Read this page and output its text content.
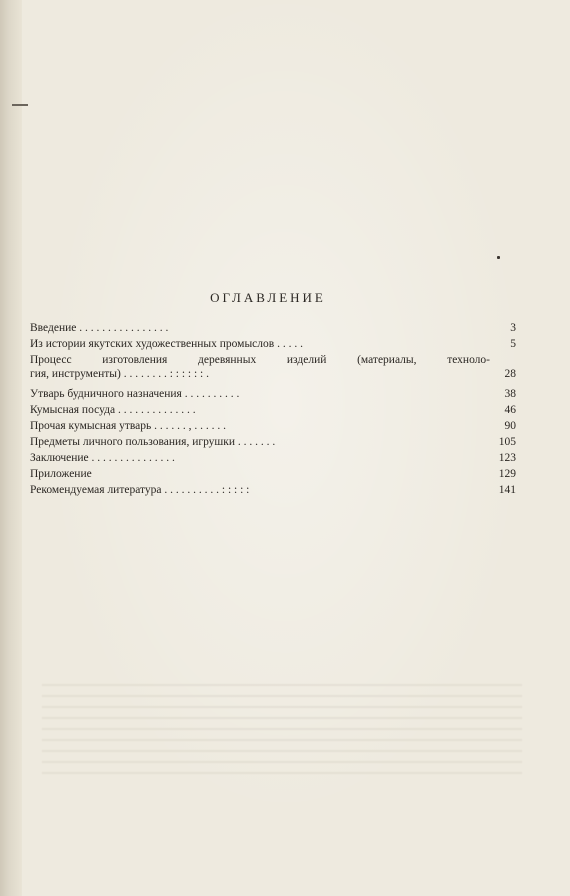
ОГЛАВЛЕНИЕ
Введение . . . . . . . . . . . . . . . .	3
Из истории якутских художественных промыслов . . . . .	5
Процесс изготовления деревянных изделий (материалы, техноло-
гия, инструменты) . . . . . . . . : : : : : : .	28
Утварь будничного назначения . . . . . . . . . .	38
Кумысная посуда . . . . . . . . . . . . . .	46
Прочая кумысная утварь . . . . . . , . . . . . .	90
Предметы личного пользования, игрушки . . . . . . .	105
Заключение . . . . . . . . . . . . . . .	123
Приложение	129
Рекомендуемая литература . . . . . . . . . . : : : : :	141
